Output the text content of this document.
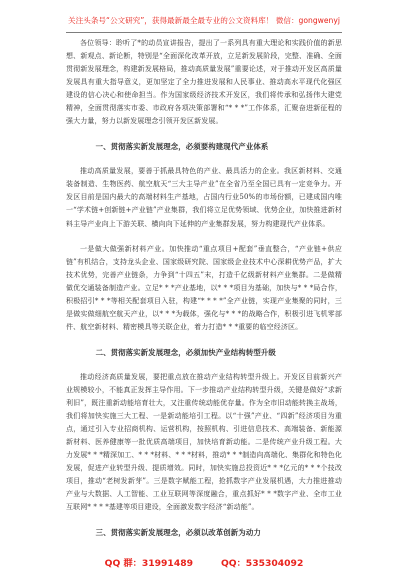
关注头条号“公文研究”，获得最新最全最专业的公文资料库！ 微信：gongwenyj

各位领导：聆听了*的动员宣讲报告，提出了一系列具有重大理论和实践价值的新思想、新观点、新论断，特别是“全面深化改革开放，立足新发展阶段，完整、准确、全面贯彻新发展理念，构建新发展格局，推动高质量发展”重要论述，对于推动开发区高质量发展具有重大指导意义，更加坚定了全力推进发展和人民事业、推动高水平现代化强区建设的信心决心和使命担当。作为国家级经济技术开发区，我们将传承和弘扬伟大建党精神，全面贯彻落实市委、市政府各项决策部署和“* * *”工作体系，汇聚奋进新征程的强大力量，努力以新发展理念引领开发区新发展。

一、贯彻落实新发展理念，必须要构建现代产业体系

推动高质量发展，要善于抓最具特色的产业、最具活力的企业。我区新材料、交通装备制造、生物医药、航空航天“三大主导产业”在全省乃至全国已具有一定竞争力。开发区目前是国内最大的高端材料生产基地，占国内行业50%的市场份额，已建成国内唯一“学术链+创新链+产业链”产业集群，我们将立足优势领域、优势企业，加快推进新材料主导产业向上下游关联、横向向下延伸的产业集群发展，努力构建现代产业体系。

一是做大做强新材料产业。加快推动“重点项目+配套”垂直整合，“产业链+供应链”有机结合，支持龙头企业、国家级研究院、国家级企业技术中心深耕优势产品，扩大技术优势，完善产业链条，力争到“十四五”末，打造千亿级新材料产业集群。二是做精做优交通装备制造产业。立足* * *产业基地，以* * *项目为基础，加快与* * *局合作，积极招引* * *等相关配套项目入驻，构建“* * * *”全产业链，实现产业集聚的同时，三是做实做细航空航天产业，以* * *为载体，强化与* * *的战略合作，积极引进飞机零部件、航空新材料、精密模具等关联企业，着力打造* * *重要的临空经济区。

二、贯彻落实新发展理念，必须加快产业结构转型升级

推动经济高质量发展，要把重点放在推动产业结构转型升级上。开发区目前新兴产业规模较小，不能真正发挥主导作用。下一步推动产业结构转型升级，关键是做好“求新利旧”，既注重新动能培育壮大，又注重传统动能优存量。作为全市旧动能转换主战场，我们将加快实施三大工程、一是新动能培引工程。以“十强”产业、“四新”经济项目为重点，通过引入专业招商机构、运营机构，按照机构、引进信息技术、高端装备、新能源新材料、医养健康等一批优质高端项目，加快培育新动能。二是传统产业升级工程。大力发展* * *精深加工、* * *材料、* * *材料，推动* * *制造向高端化、集群化和特色化发展，促进产业转型升级、提质增效。同时，加快实施总投资近* * *亿元的* * *个技改项目，推动“老树发新芽”。三是数字赋能工程，抢抓数字产业发展机遇，大力推进推动产业与大数据、人工智能、工业互联网等深度融合，重点抓好* * *数字产业、全市工业互联网* * * *基建等项目建设，全面激发数字经济“新动能”。

三、贯彻落实新发展理念，必须以改革创新为动力
QQ 群：31991489	QQ：535304092
